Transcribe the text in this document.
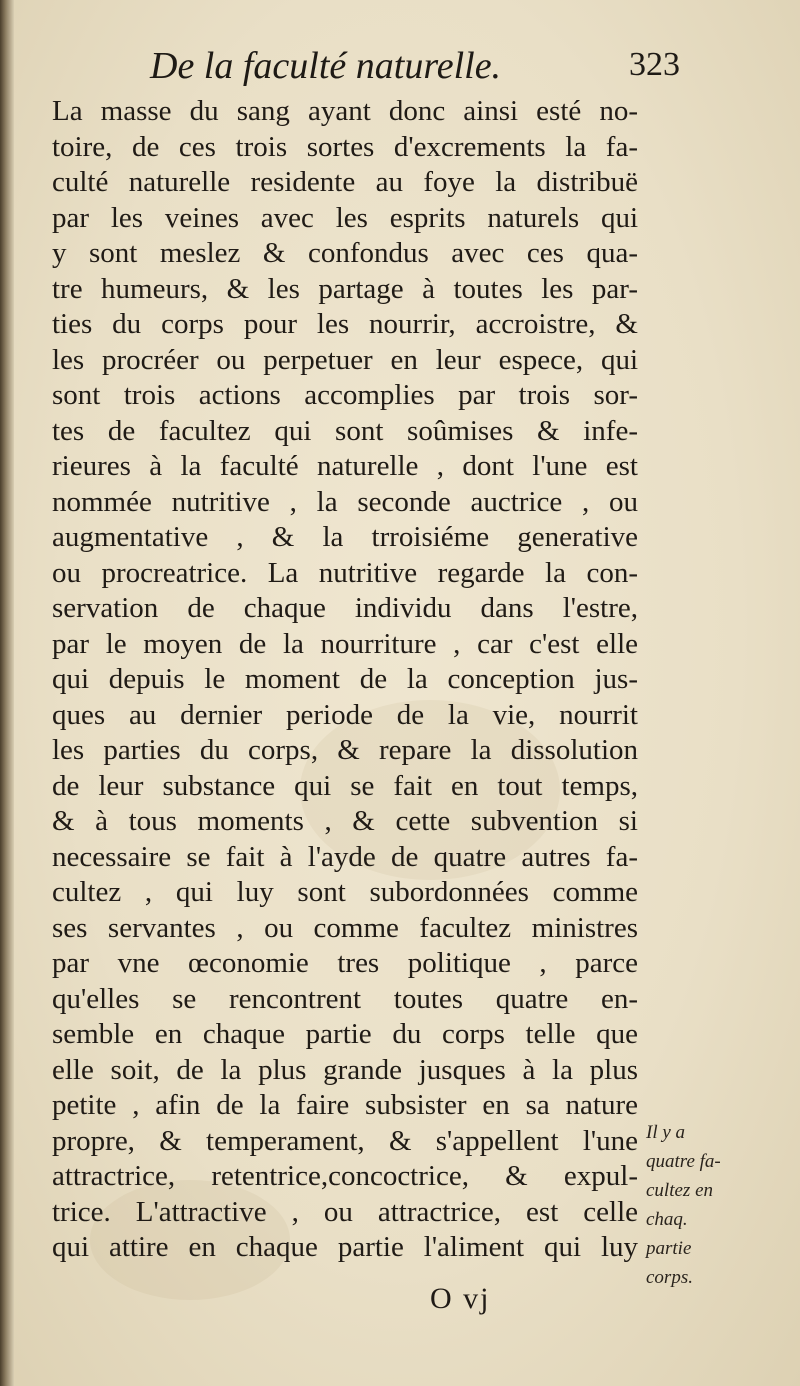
De la faculté naturelle.	323
La masse du sang ayant donc ainsi esté no-
toire, de ces trois sortes d'excrements la fa-
culté naturelle residente au foye la distribuë
par les veines avec les esprits naturels qui
y sont meslez & confondus avec ces qua-
tre humeurs, & les partage à toutes les par-
ties du corps pour les nourrir, accroistre, &
les procréer ou perpetuer en leur espece, qui
sont trois actions accomplies par trois sor-
tes de facultez qui sont soûmises & infe-
rieures à la faculté naturelle , dont l'une est
nommée nutritive , la seconde auctrice , ou
augmentative , & la trroisiéme generative
ou procreatrice. La nutritive regarde la con-
servation de chaque individu dans l'estre,
par le moyen de la nourriture , car c'est elle
qui depuis le moment de la conception jus-
ques au dernier periode de la vie, nourrit
les parties du corps, & repare la dissolution
de leur substance qui se fait en tout temps,
& à tous moments , & cette subvention si
necessaire se fait à l'ayde de quatre autres fa-
cultez , qui luy sont subordonnées comme
ses servantes , ou comme facultez ministres
par vne œconomie tres politique , parce
qu'elles se rencontrent toutes quatre en-
semble en chaque partie du corps telle que
elle soit, de la plus grande jusques à la plus
petite , afin de la faire subsister en sa nature
propre, & temperament, & s'appellent l'une
attractrice, retentrice,concoctrice, & expul-
trice. L'attractive , ou attractrice, est celle
qui attire en chaque partie l'aliment qui luy
Il y a
quatre fa-
cultez en
chaq.
partie
corps.
O vj
